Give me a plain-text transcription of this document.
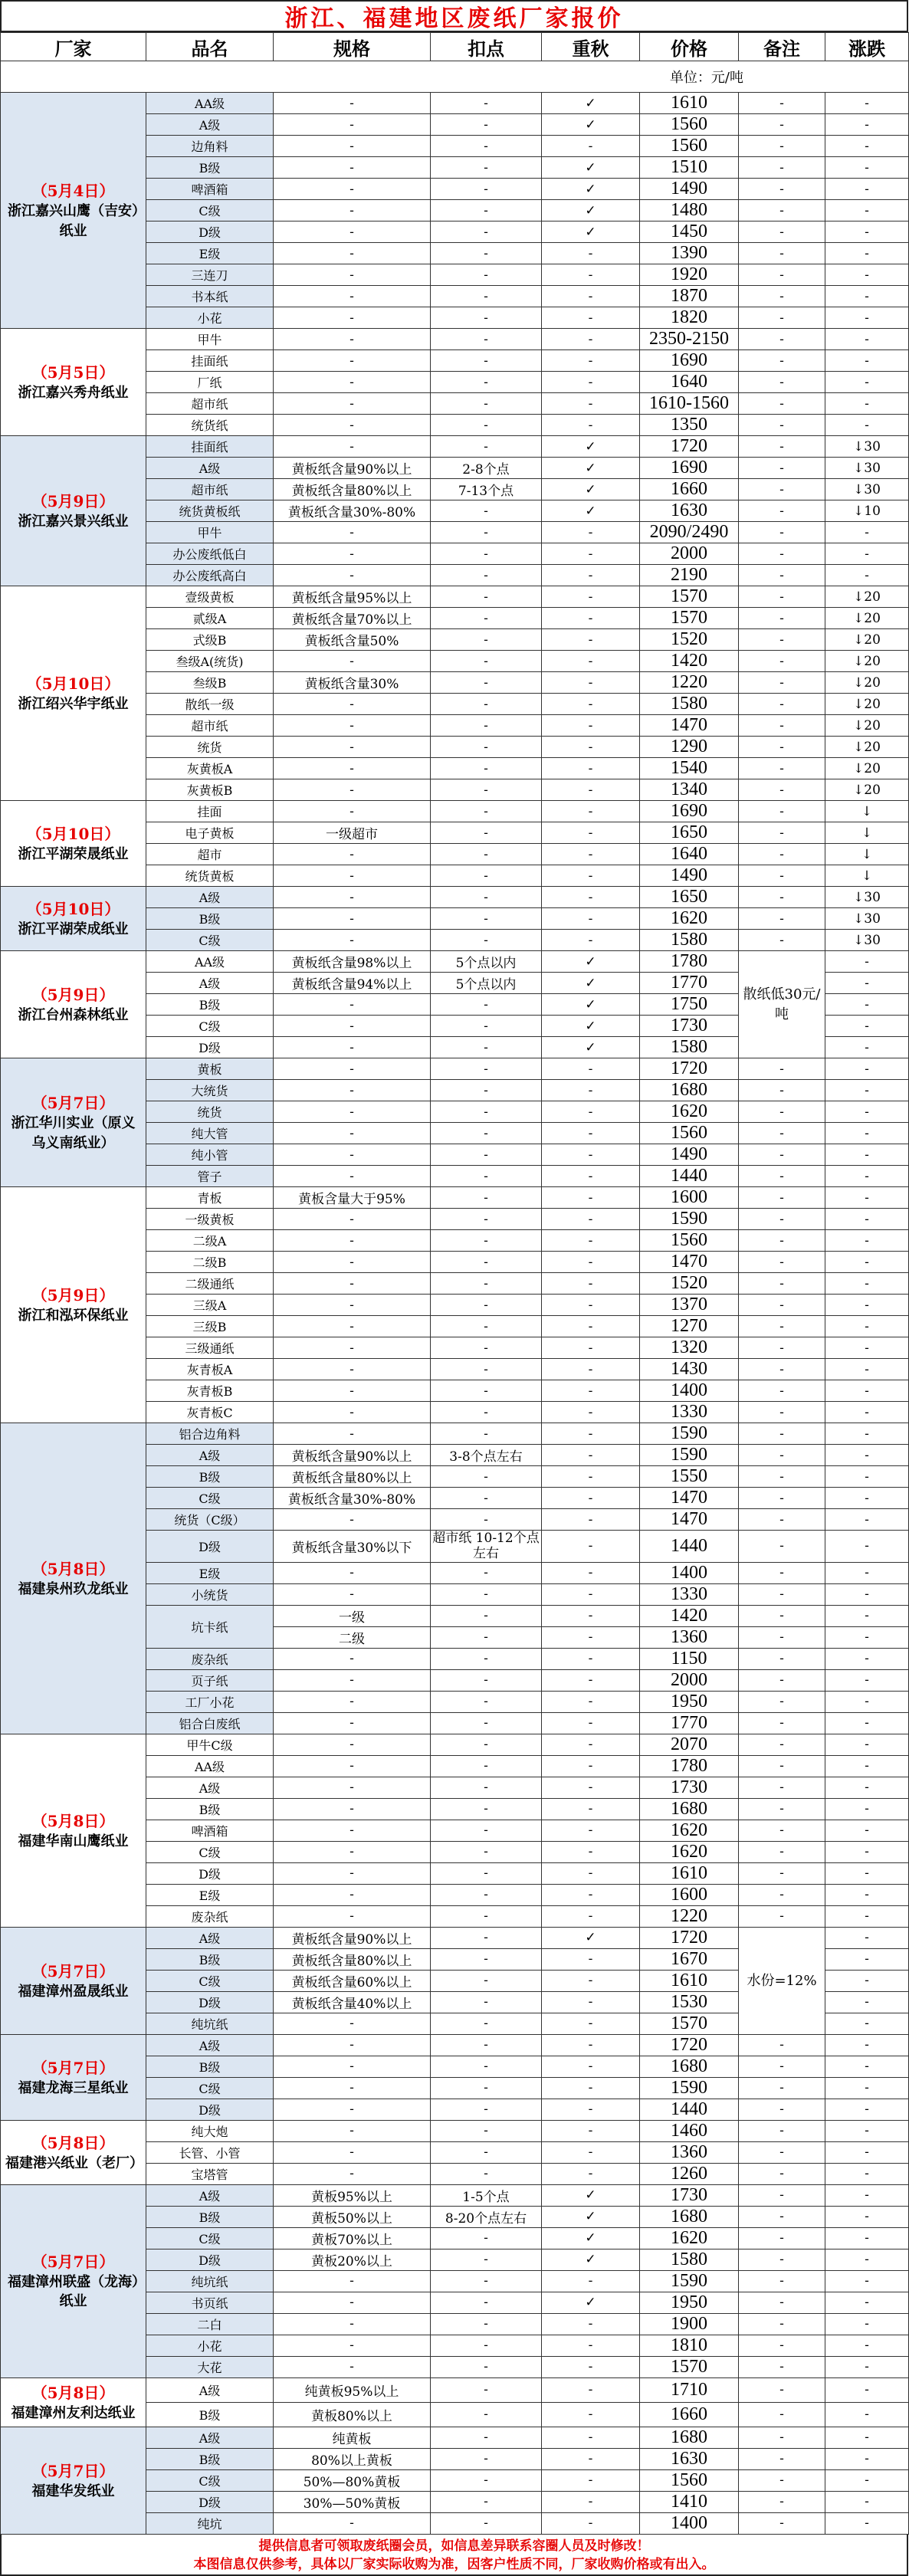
浙江、福建地区废纸厂家报价
厂家	品名	规格	扣点	重秋	价格	备注	涨跌
单位：元/吨							

（5月4日）
浙江嘉兴山鹰（吉安）纸业	AA级	-	-	✓	1610	-	-
	A级	-	-	✓	1560	-	-
	边角料	-	-	-	1560	-	-
	B级	-	-	✓	1510	-	-
	啤酒箱	-	-	✓	1490	-	-
	C级	-	-	✓	1480	-	-
	D级	-	-	✓	1450	-	-
	E级	-	-	-	1390	-	-
	三连刀	-	-	-	1920	-	-
	书本纸	-	-	-	1870	-	-
	小花	-	-	-	1820	-	-

（5月5日）
浙江嘉兴秀舟纸业	甲牛	-	-	-	2350-2150	-	-
	挂面纸	-	-	-	1690	-	-
	厂纸	-	-	-	1640	-	-
	超市纸	-	-	-	1610-1560	-	-
	统货纸	-	-	-	1350	-	-

（5月9日）
浙江嘉兴景兴纸业	挂面纸	-	-	✓	1720	-	↓30
	A级	黄板纸含量90%以上	2-8个点	✓	1690	-	↓30
	超市纸	黄板纸含量80%以上	7-13个点	✓	1660	-	↓30
	统货黄板纸	黄板纸含量30%-80%	-	✓	1630	-	↓10
	甲牛	-	-	-	2090/2490	-	-
	办公废纸低白	-	-	-	2000	-	-
	办公废纸高白	-	-	-	2190	-	-

（5月10日）
浙江绍兴华宇纸业	壹级黄板	黄板纸含量95%以上	-	-	1570	-	↓20
	贰级A	黄板纸含量70%以上	-	-	1570	-	↓20
	式级B	黄板纸含量50%	-	-	1520	-	↓20
	叁级A(统货)	-	-	-	1420	-	↓20
	叁级B	黄板纸含量30%	-	-	1220	-	↓20
	散纸一级	-	-	-	1580	-	↓20
	超市纸	-	-	-	1470	-	↓20
	统货	-	-	-	1290	-	↓20
	灰黄板A	-	-	-	1540	-	↓20
	灰黄板B	-	-	-	1340	-	↓20

（5月10日）
浙江平湖荣晟纸业	挂面	-	-	-	1690	-	↓
	电子黄板	一级超市	-	-	1650	-	↓
	超市	-	-	-	1640	-	↓
	统货黄板	-	-	-	1490	-	↓

（5月10日）
浙江平湖荣成纸业	A级	-	-	-	1650	-	↓30
	B级	-	-	-	1620	-	↓30
	C级	-	-	-	1580	-	↓30

（5月9日）
浙江台州森林纸业	AA级	黄板纸含量98%以上	5个点以内	✓	1780	散纸低30元/吨	-
	A级	黄板纸含量94%以上	5个点以内	✓	1770		-
	B级	-	-	✓	1750		-
	C级	-	-	✓	1730		-
	D级	-	-	✓	1580		-

（5月7日）
浙江华川实业（原义乌义南纸业）	黄板	-	-	-	1720	-	-
	大统货	-	-	-	1680	-	-
	统货	-	-	-	1620	-	-
	纯大管	-	-	-	1560	-	-
	纯小管	-	-	-	1490	-	-
	管子	-	-	-	1440	-	-

（5月9日）
浙江和泓环保纸业	青板	黄板含量大于95%	-	-	1600	-	-
	一级黄板	-	-	-	1590	-	-
	二级A	-	-	-	1560	-	-
	二级B	-	-	-	1470	-	-
	二级通纸	-	-	-	1520	-	-
	三级A	-	-	-	1370	-	-
	三级B	-	-	-	1270	-	-
	三级通纸	-	-	-	1320	-	-
	灰青板A	-	-	-	1430	-	-
	灰青板B	-	-	-	1400	-	-
	灰青板C	-	-	-	1330	-	-

（5月8日）
福建泉州玖龙纸业	铝合边角料	-	-	-	1590	-	-
	A级	黄板纸含量90%以上	3-8个点左右	-	1590	-	-
	B级	黄板纸含量80%以上	-	-	1550	-	-
	C级	黄板纸含量30%-80%	-	-	1470	-	-
	统货（C级）	-	-	-	1470	-	-
	D级	黄板纸含量30%以下	超市纸 10-12个点左右	-	1440	-	-
	E级	-	-	-	1400	-	-
	小统货	-	-	-	1330	-	-
	坑卡纸	一级	-	-	1420	-	-
		二级	-	-	1360	-	-
	废杂纸	-	-	-	1150	-	-
	页子纸	-	-	-	2000	-	-
	工厂小花	-	-	-	1950	-	-
	铝合白废纸	-	-	-	1770	-	-

（5月8日）
福建华南山鹰纸业	甲牛C级	-	-	-	2070	-	-
	AA级	-	-	-	1780	-	-
	A级	-	-	-	1730	-	-
	B级	-	-	-	1680	-	-
	啤酒箱	-	-	-	1620	-	-
	C级	-	-	-	1620	-	-
	D级	-	-	-	1610	-	-
	E级	-	-	-	1600	-	-
	废杂纸	-	-	-	1220	-	-

（5月7日）
福建漳州盈晟纸业	A级	黄板纸含量90%以上	-	✓	1720	水份=12%	-
	B级	黄板纸含量80%以上	-	-	1670		-
	C级	黄板纸含量60%以上	-	-	1610		-
	D级	黄板纸含量40%以上	-	-	1530		-
	纯坑纸	-	-	-	1570		-

（5月7日）
福建龙海三星纸业	A级	-	-	-	1720	-	-
	B级	-	-	-	1680	-	-
	C级	-	-	-	1590	-	-
	D级	-	-	-	1440	-	-

（5月8日）
福建港兴纸业（老厂）	纯大炮	-	-	-	1460	-	-
	长管、小管	-	-	-	1360	-	-
	宝塔管	-	-	-	1260	-	-

（5月7日）
福建漳州联盛（龙海）纸业	A级	黄板95%以上	1-5个点	✓	1730	-	-
	B级	黄板50%以上	8-20个点左右	✓	1680	-	-
	C级	黄板70%以上	-	✓	1620	-	-
	D级	黄板20%以上	-	✓	1580	-	-
	纯坑纸	-	-	-	1590	-	-
	书页纸	-	-	✓	1950	-	-
	二白	-	-	-	1900	-	-
	小花	-	-	-	1810	-	-
	大花	-	-	-	1570	-	-

（5月8日）
福建漳州友利达纸业	A级	纯黄板95%以上	-	-	1710	-	-
	B级	黄板80%以上	-	-	1660	-	-

（5月7日）
福建华发纸业	A级	纯黄板	-	-	1680	-	-
	B级	80%以上黄板	-	-	1630	-	-
	C级	50%—80%黄板	-	-	1560	-	-
	D级	30%—50%黄板	-	-	1410	-	-
	纯坑	-	-	-	1400	-	-
提供信息者可领取废纸圈会员，如信息差异联系容圈人员及时修改！
本图信息仅供参考，具体以厂家实际收购为准，因客户性质不同，厂家收购价格或有出入。
